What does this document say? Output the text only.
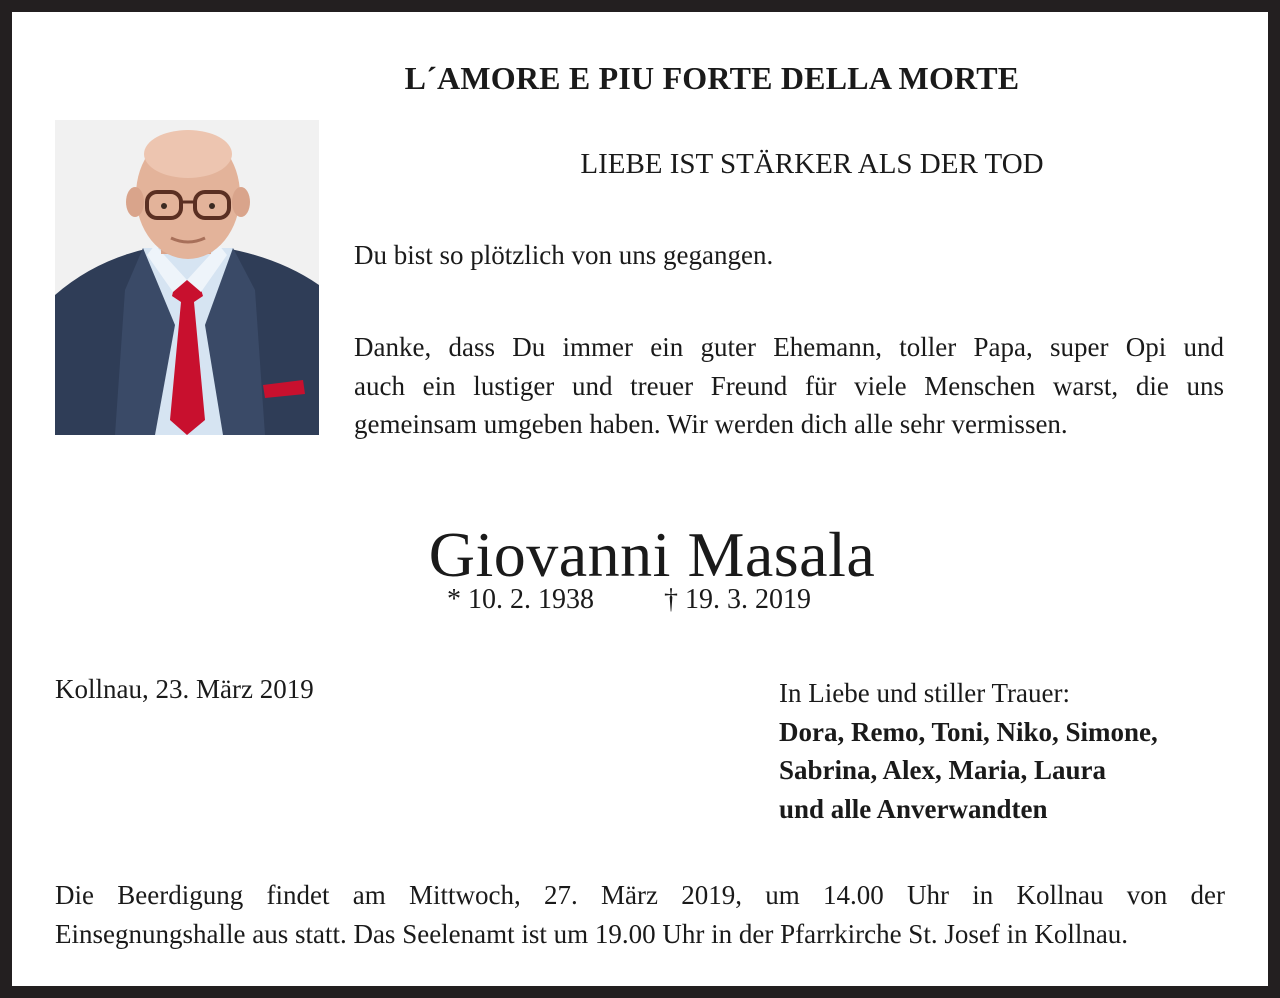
L´AMORE E PIU FORTE DELLA MORTE
LIEBE IST STÄRKER ALS DER TOD
Du bist so plötzlich von uns gegangen.
Danke, dass Du immer ein guter Ehemann, toller Papa, super Opi und
auch ein lustiger und treuer Freund für viele Menschen warst, die uns
gemeinsam umgeben haben. Wir werden dich alle sehr vermissen.
Giovanni Masala
* 10. 2. 1938	† 19. 3. 2019
Kollnau, 23. März 2019	In Liebe und stiller Trauer:
Dora, Remo, Toni, Niko, Simone,
Sabrina, Alex, Maria, Laura
und alle Anverwandten
Die Beerdigung findet am Mittwoch, 27. März 2019, um 14.00 Uhr in Kollnau von der
Einsegnungshalle aus statt. Das Seelenamt ist um 19.00 Uhr in der Pfarrkirche St. Josef in Kollnau.
